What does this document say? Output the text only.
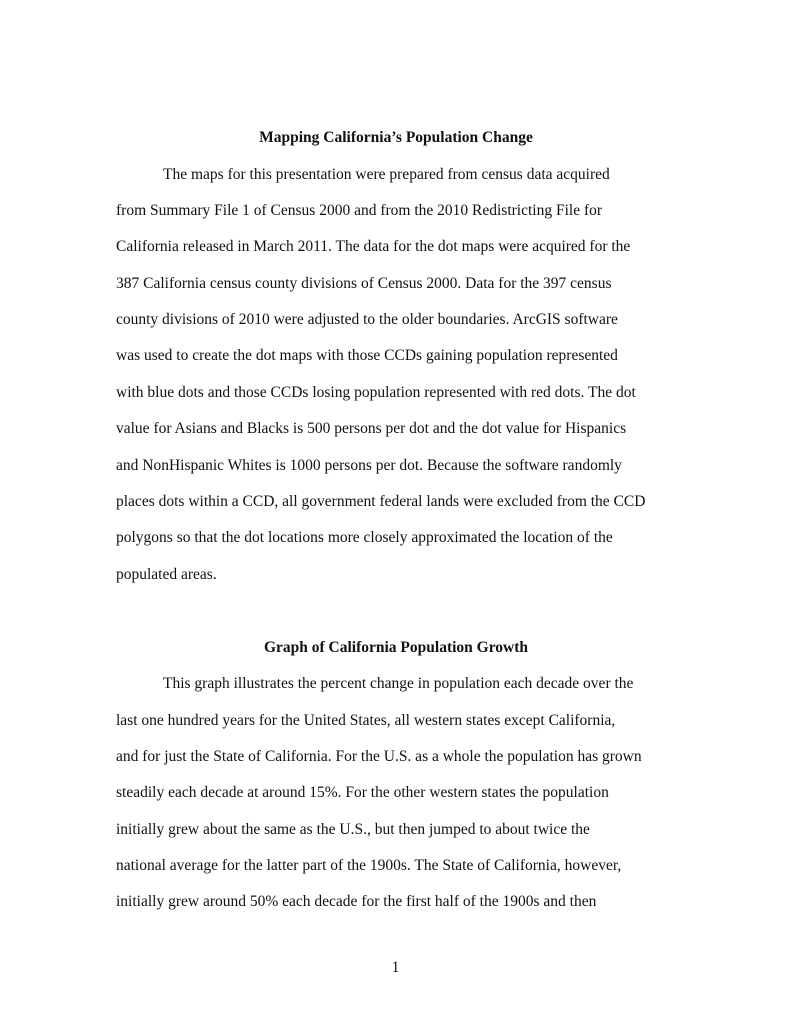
Mapping California’s Population Change
The maps for this presentation were prepared from census data acquired
from Summary File 1 of Census 2000 and from the 2010 Redistricting File for
California released in March 2011. The data for the dot maps were acquired for the
387 California census county divisions of Census 2000. Data for the 397 census
county divisions of 2010 were adjusted to the older boundaries. ArcGIS software
was used to create the dot maps with those CCDs gaining population represented
with blue dots and those CCDs losing population represented with red dots. The dot
value for Asians and Blacks is 500 persons per dot and the dot value for Hispanics
and NonHispanic Whites is 1000 persons per dot. Because the software randomly
places dots within a CCD, all government federal lands were excluded from the CCD
polygons so that the dot locations more closely approximated the location of the
populated areas.
Graph of California Population Growth
This graph illustrates the percent change in population each decade over the
last one hundred years for the United States, all western states except California,
and for just the State of California. For the U.S. as a whole the population has grown
steadily each decade at around 15%. For the other western states the population
initially grew about the same as the U.S., but then jumped to about twice the
national average for the latter part of the 1900s. The State of California, however,
initially grew around 50% each decade for the first half of the 1900s and then
1
